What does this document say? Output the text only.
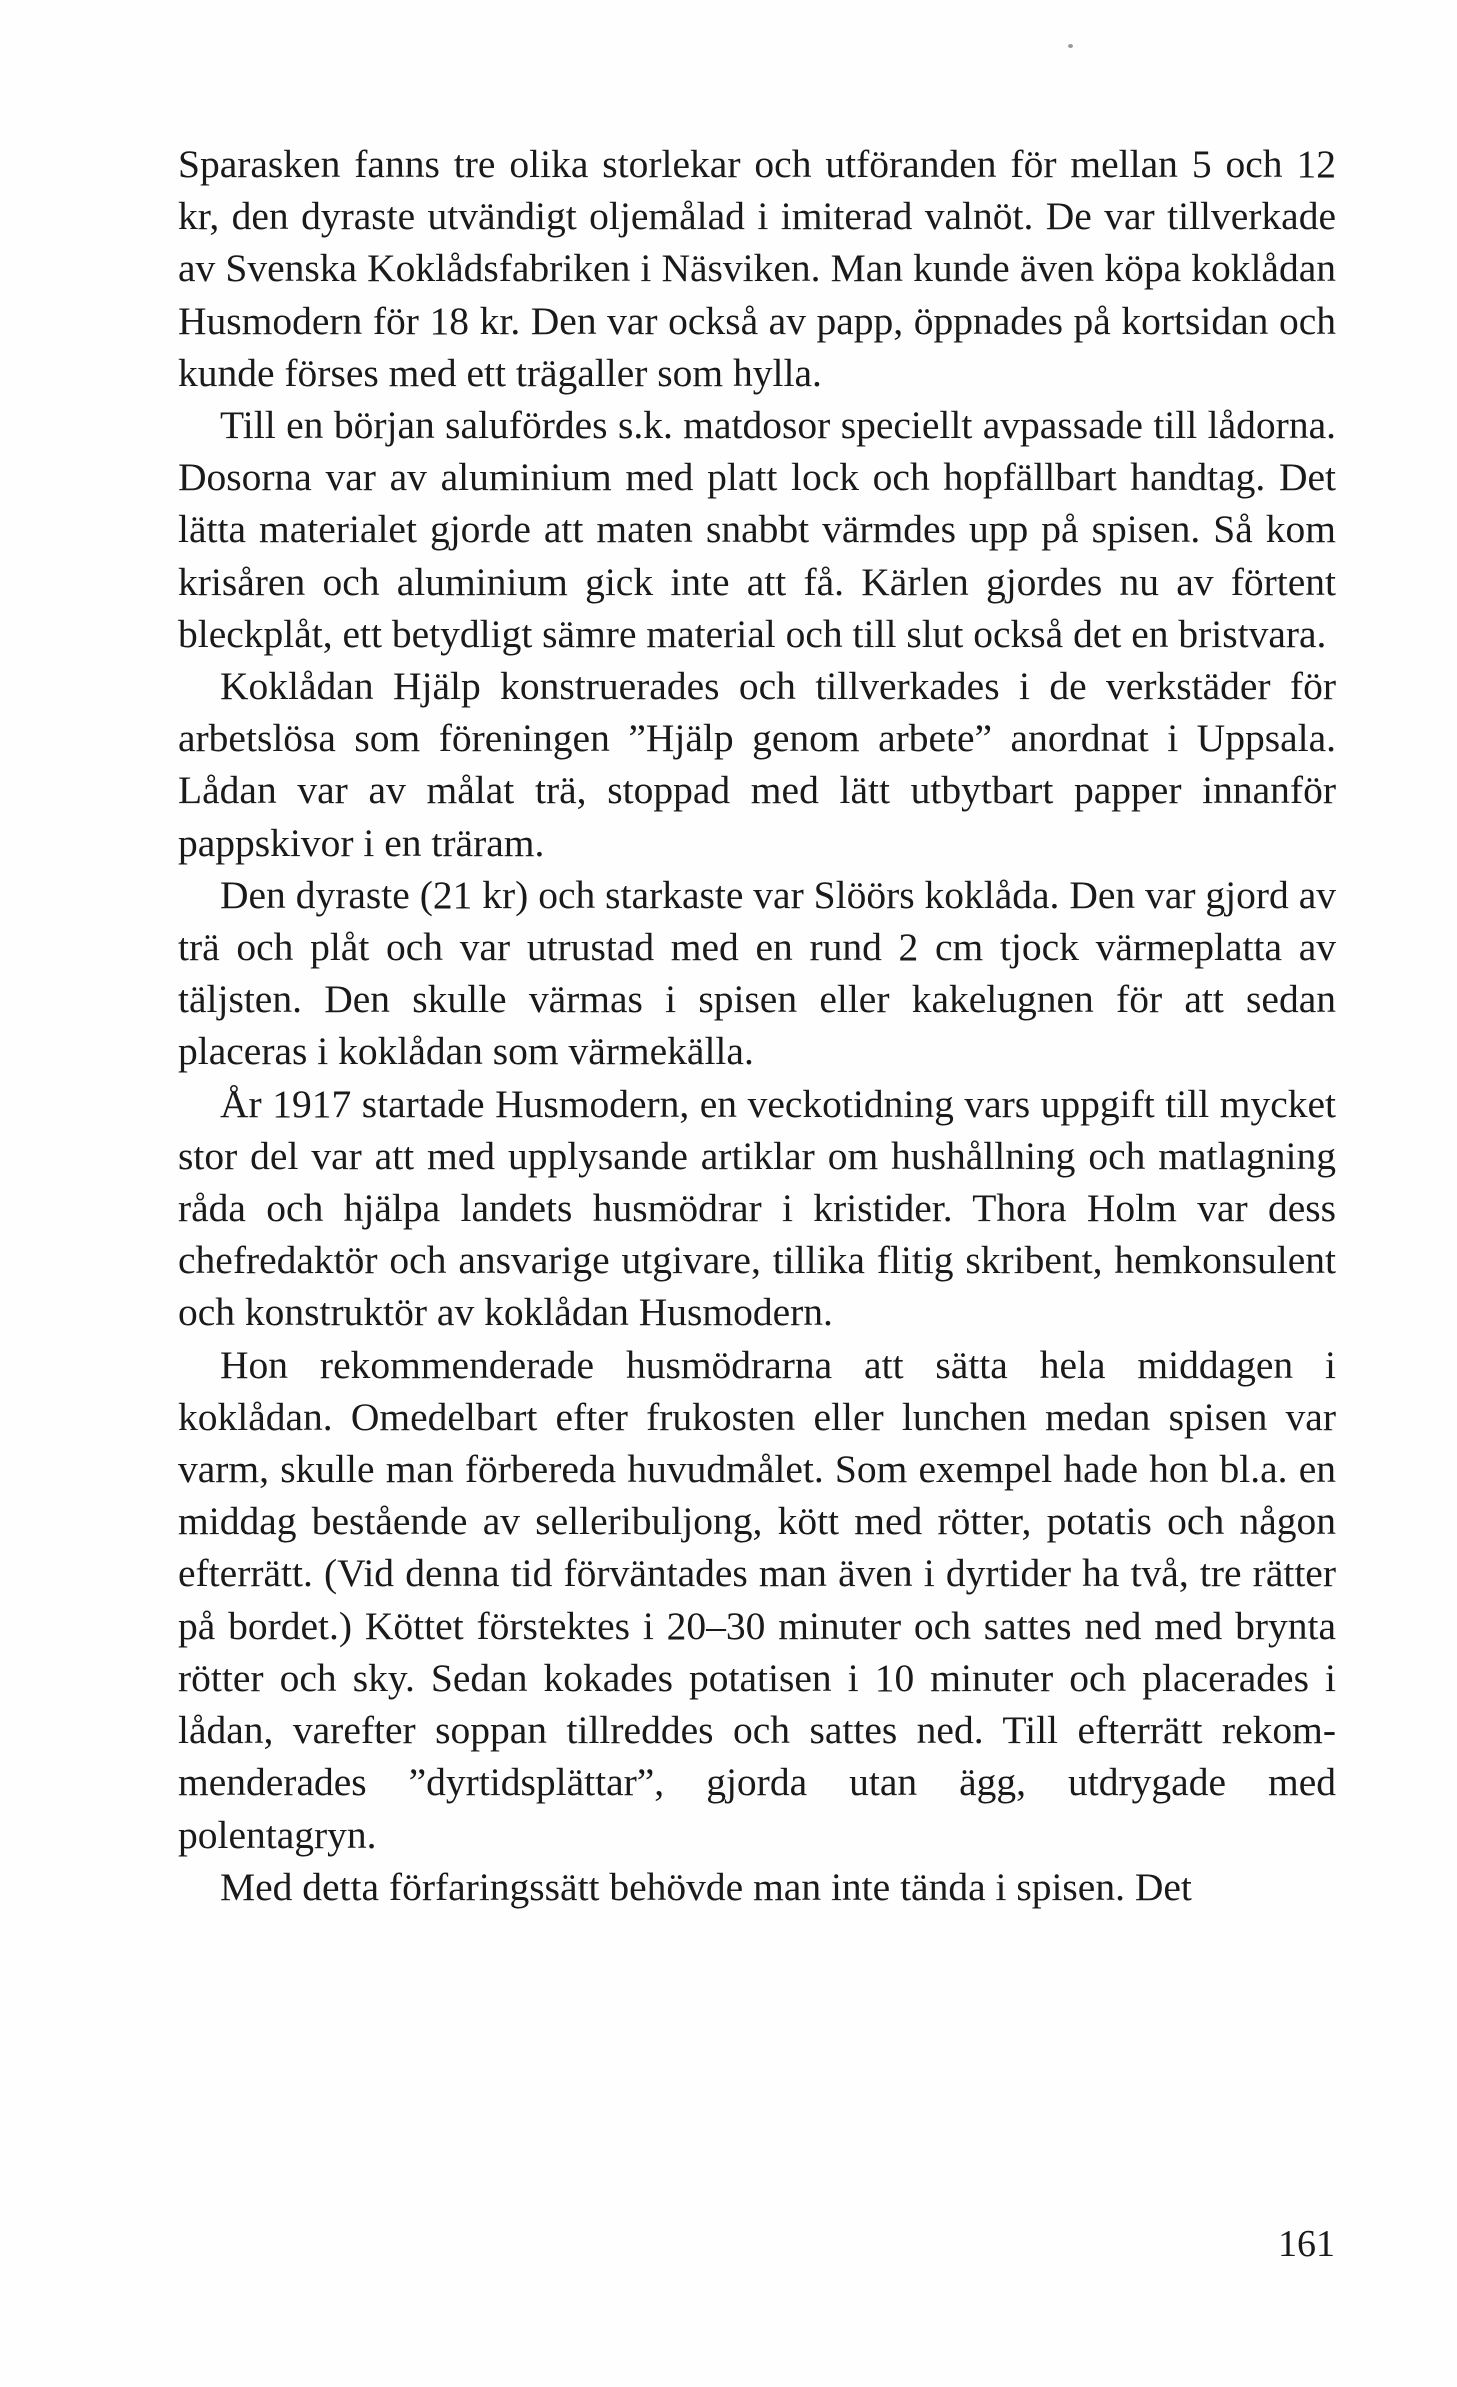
Sparasken fanns tre olika storlekar och utföranden för mellan 5 och 12 kr, den dyraste utvändigt oljemålad i imiterad valnöt. De var tillverkade av Svenska Koklådsfabriken i Näsviken. Man kunde även köpa koklådan Husmodern för 18 kr. Den var också av papp, öppnades på kortsidan och kunde förses med ett trägaller som hylla.

Till en början salufördes s.k. matdosor speciellt avpassade till lådorna. Dosorna var av aluminium med platt lock och hopfällbart handtag. Det lätta materialet gjorde att maten snabbt värmdes upp på spisen. Så kom krisåren och aluminium gick inte att få. Kärlen gjordes nu av förtent bleckplåt, ett betydligt sämre material och till slut också det en bristvara.

Koklådan Hjälp konstruerades och tillverkades i de verkstäder för arbetslösa som föreningen ”Hjälp genom arbete” anordnat i Uppsala. Lådan var av målat trä, stoppad med lätt utbytbart papper innanför pappskivor i en träram.

Den dyraste (21 kr) och starkaste var Slöörs koklåda. Den var gjord av trä och plåt och var utrustad med en rund 2 cm tjock värmeplatta av täljsten. Den skulle värmas i spisen eller kakelugnen för att sedan placeras i koklådan som värmekälla.

År 1917 startade Husmodern, en veckotidning vars uppgift till mycket stor del var att med upplysande artiklar om hushållning och matlagning råda och hjälpa landets husmödrar i kristider. Thora Holm var dess chefredaktör och ansvarige utgivare, tillika flitig skribent, hemkonsulent och konstruktör av koklådan Husmodern.

Hon rekommenderade husmödrarna att sätta hela middagen i koklådan. Omedelbart efter frukosten eller lunchen medan spisen var varm, skulle man förbereda huvudmålet. Som exempel hade hon bl.a. en middag bestående av selleribuljong, kött med rötter, potatis och någon efterrätt. (Vid denna tid förväntades man även i dyrtider ha två, tre rätter på bordet.) Köttet förstektes i 20–30 minuter och sattes ned med brynta rötter och sky. Sedan kokades potatisen i 10 minuter och placerades i lådan, varefter soppan tillreddes och sattes ned. Till efterrätt rekommenderades ”dyrtidsplättar”, gjorda utan ägg, utdrygade med polentagryn.

Med detta förfaringssätt behövde man inte tända i spisen. Det

161
